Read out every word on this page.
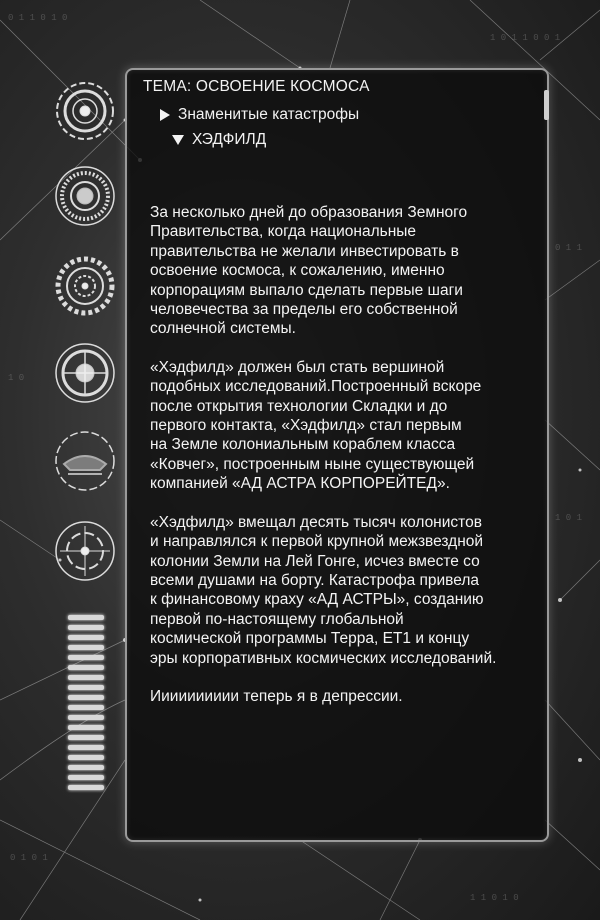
0 1 1 0 1 0
1 0 1 1 0 0 1
1 0
0 1 1
1 0 1
0 1 0 1
1 1 0 1 0
ТЕМА: ОСВОЕНИЕ КОСМОСА
Знаменитые катастрофы
ХЭДФИЛД

За несколько дней до образования Земного
Правительства, когда национальные
правительства не желали инвестировать в
освоение космоса, к сожалению, именно
корпорациям выпало сделать первые шаги
человечества за пределы его собственной
солнечной системы.

«Хэдфилд» должен был стать вершиной
подобных исследований.Построенный вскоре
после открытия технологии Складки и до
первого контакта, «Хэдфилд» стал первым
на Земле колониальным кораблем класса
«Ковчег», построенным ныне существующей
компанией «АД АСТРА КОРПОРЕЙТЕД».

«Хэдфилд» вмещал десять тысяч колонистов
и направлялся к первой крупной межзвездной
колонии Земли на Лей Гонге, исчез вместе со
всеми душами на борту. Катастрофа привела
к финансовому краху «АД АСТРЫ», созданию
первой по-настоящему глобальной
космической программы Терра, ЕТ1 и концу
эры корпоративных космических исследований.

Ииииииииии теперь я в депрессии.
